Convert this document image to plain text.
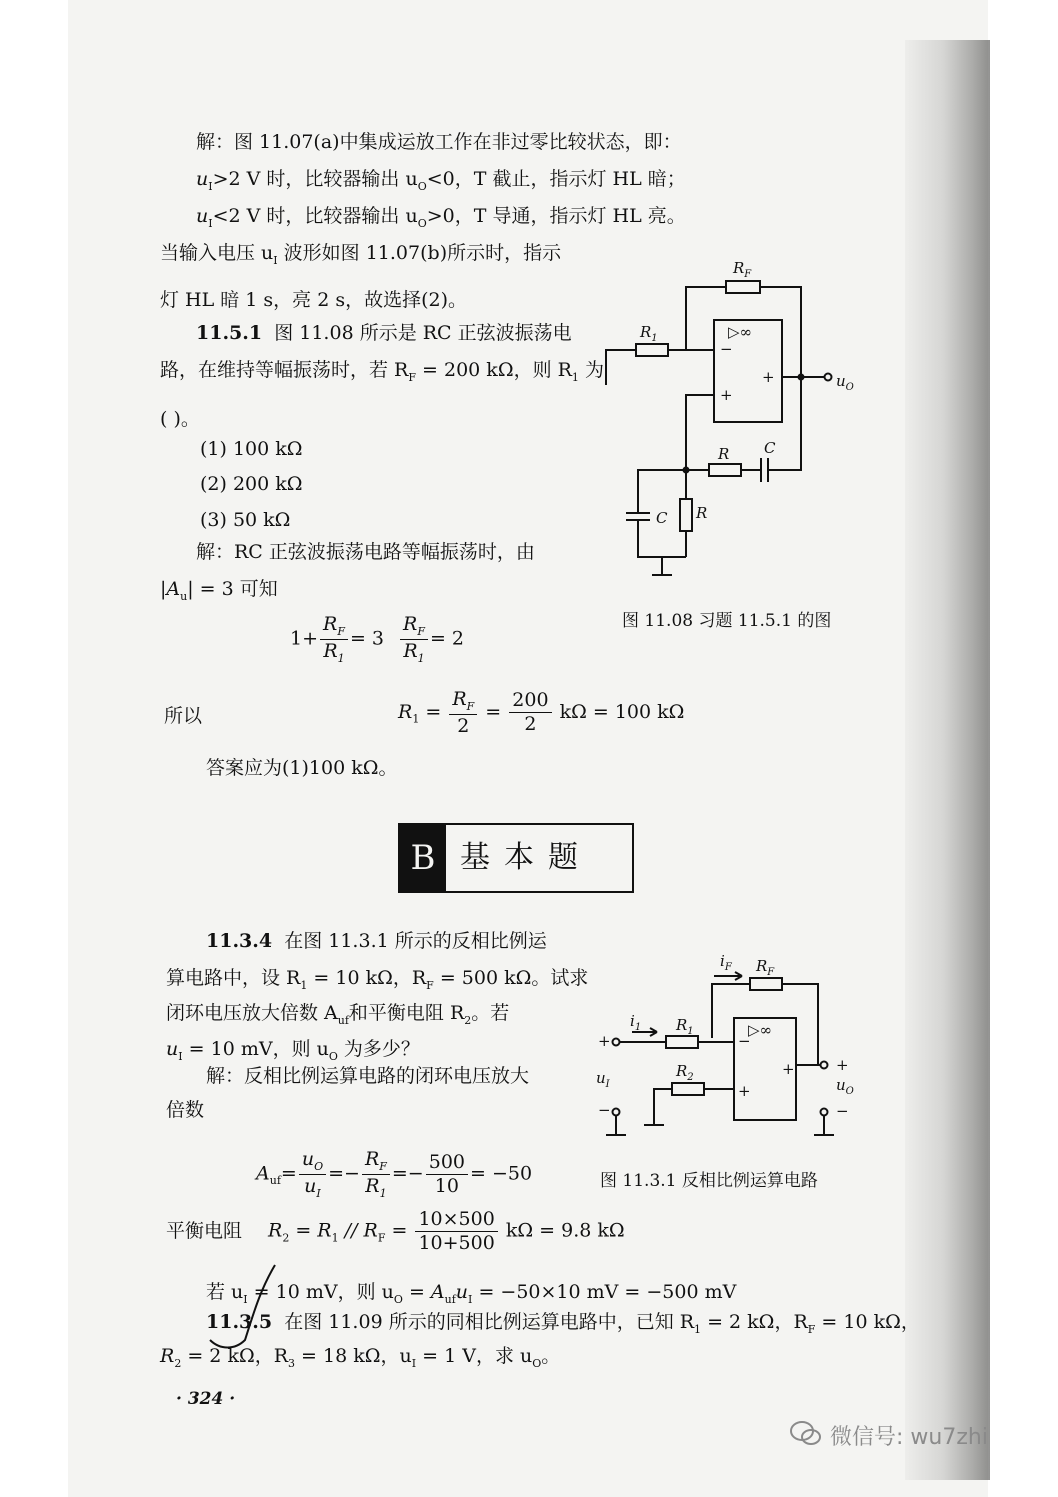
解：图 11.07(a)中集成运放工作在非过零比较状态，即：
$u_I>2$ V 时，比较器输出 $u_O<0$，T 截止，指示灯 HL 暗；
$u_I<2$ V 时，比较器输出 $u_O>0$，T 导通，指示灯 HL 亮。
当输入电压 $u_I$ 波形如图 11.07(b)所示时，指示
灯 HL 暗 1 s，亮 2 s，故选择(2)。
11.5.1 图 11.08 所示是 RC 正弦波振荡电
路，在维持等幅振荡时，若 $R_F = 200$ kΩ，则 $R_1$ 为
( )。
(1) 100 kΩ
(2) 200 kΩ
(3) 50 kΩ
解：RC 正弦波振荡电路等幅振荡时，由
$|A_u| = 3$ 可知
$1+ \frac{R_F}{R_1} = 3 \frac{R_F}{R_1} = 2$
所以	$R_1 = \frac{R_F}{2} = \frac{200}{2}$ kΩ = 100 kΩ
答案应为(1)100 kΩ。
▷∞
−
+
+	$u_O$
$R_F$
$R_1$
R C
C R
图 11.08 习题 11.5.1 的图
B 基本题
11.3.4 在图 11.3.1 所示的反相比例运
算电路中，设 $R_1 = 10$ kΩ，$R_F = 500$ kΩ。试求
闭环电压放大倍数 $A_{uf}$和平衡电阻 $R_2$。若
$u_I = 10$ mV，则 $u_O$ 为多少？
解：反相比例运算电路的闭环电压放大
倍数
$A_{uf}= \frac{u_O}{u_I} =- \frac{R_F}{R_1} =- \frac{500}{10} = -50$
平衡电阻 $R_2 = R_1 // R_F = \frac{10\times 500}{10+500}$ kΩ = 9.8 kΩ
若 $u_I = 10$ mV，则 $u_O = A_{uf}u_I = -50\times 10$ mV = −500 mV
$i_F$ $R_F$
+
$i_1$ $R_1$	▷∞
−
+
+	+
$R_2$
$u_I$
−
$u_O$
−
图 11.3.1 反相比例运算电路
11.3.5 在图 11.09 所示的同相比例运算电路中，已知 $R_1 = 2$ kΩ，$R_F = 10$ kΩ，
$R_2 = 2$ kΩ，$R_3 = 18$ kΩ，$u_I = 1$ V，求 $u_O$。
· 324 ·
微信号: wu7zhi
